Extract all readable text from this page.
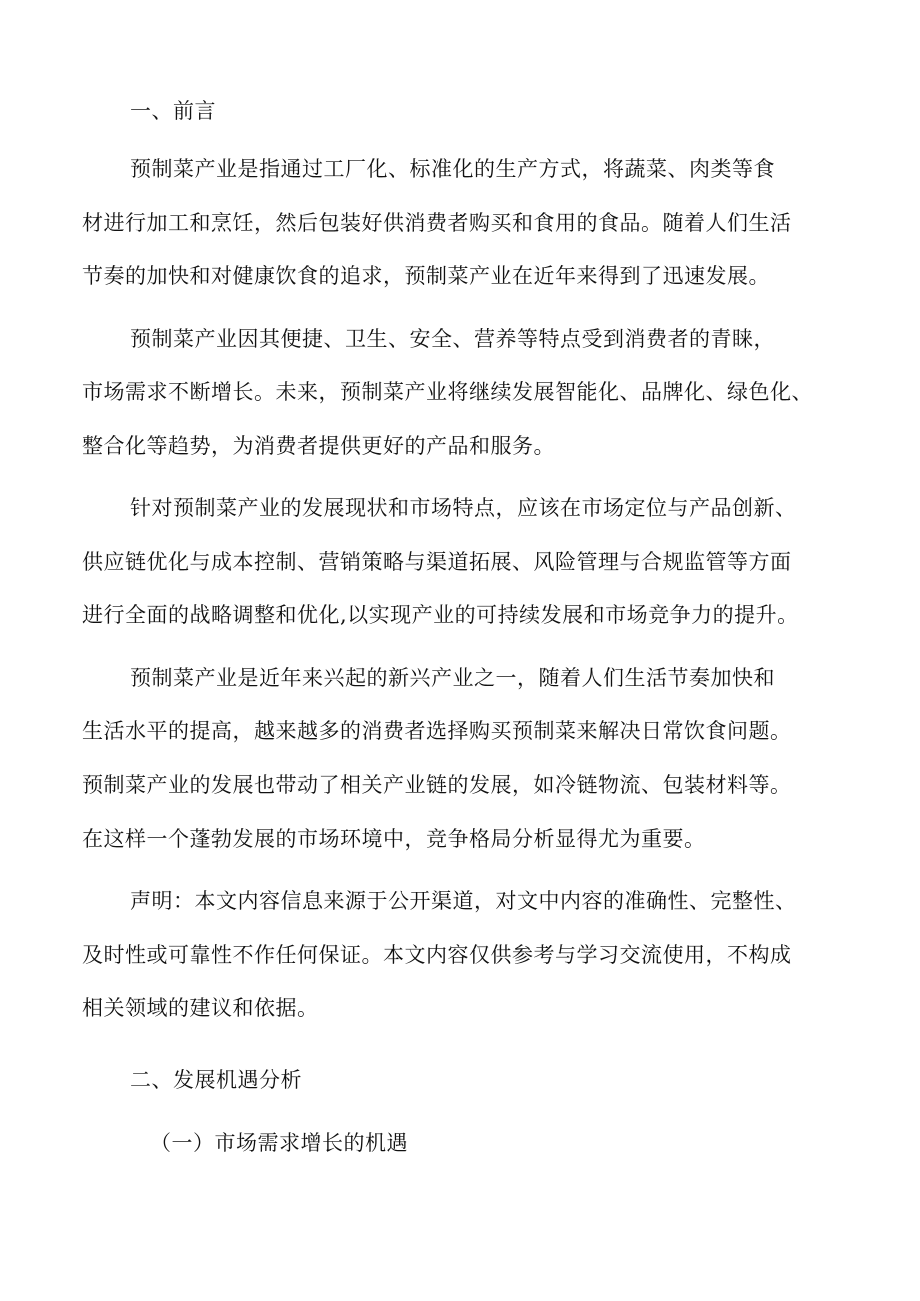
一、前言
预制菜产业是指通过工厂化、标准化的生产方式，将蔬菜、肉类等食
材进行加工和烹饪，然后包装好供消费者购买和食用的食品。随着人们生活
节奏的加快和对健康饮食的追求，预制菜产业在近年来得到了迅速发展。
预制菜产业因其便捷、卫生、安全、营养等特点受到消费者的青睐，
市场需求不断增长。未来，预制菜产业将继续发展智能化、品牌化、绿色化、
整合化等趋势，为消费者提供更好的产品和服务。
针对预制菜产业的发展现状和市场特点，应该在市场定位与产品创新、
供应链优化与成本控制、营销策略与渠道拓展、风险管理与合规监管等方面
进行全面的战略调整和优化,以实现产业的可持续发展和市场竞争力的提升。
预制菜产业是近年来兴起的新兴产业之一，随着人们生活节奏加快和
生活水平的提高，越来越多的消费者选择购买预制菜来解决日常饮食问题。
预制菜产业的发展也带动了相关产业链的发展，如冷链物流、包装材料等。
在这样一个蓬勃发展的市场环境中，竞争格局分析显得尤为重要。
声明：本文内容信息来源于公开渠道，对文中内容的准确性、完整性、
及时性或可靠性不作任何保证。本文内容仅供参考与学习交流使用，不构成
相关领域的建议和依据。
二、发展机遇分析
（一）市场需求增长的机遇
